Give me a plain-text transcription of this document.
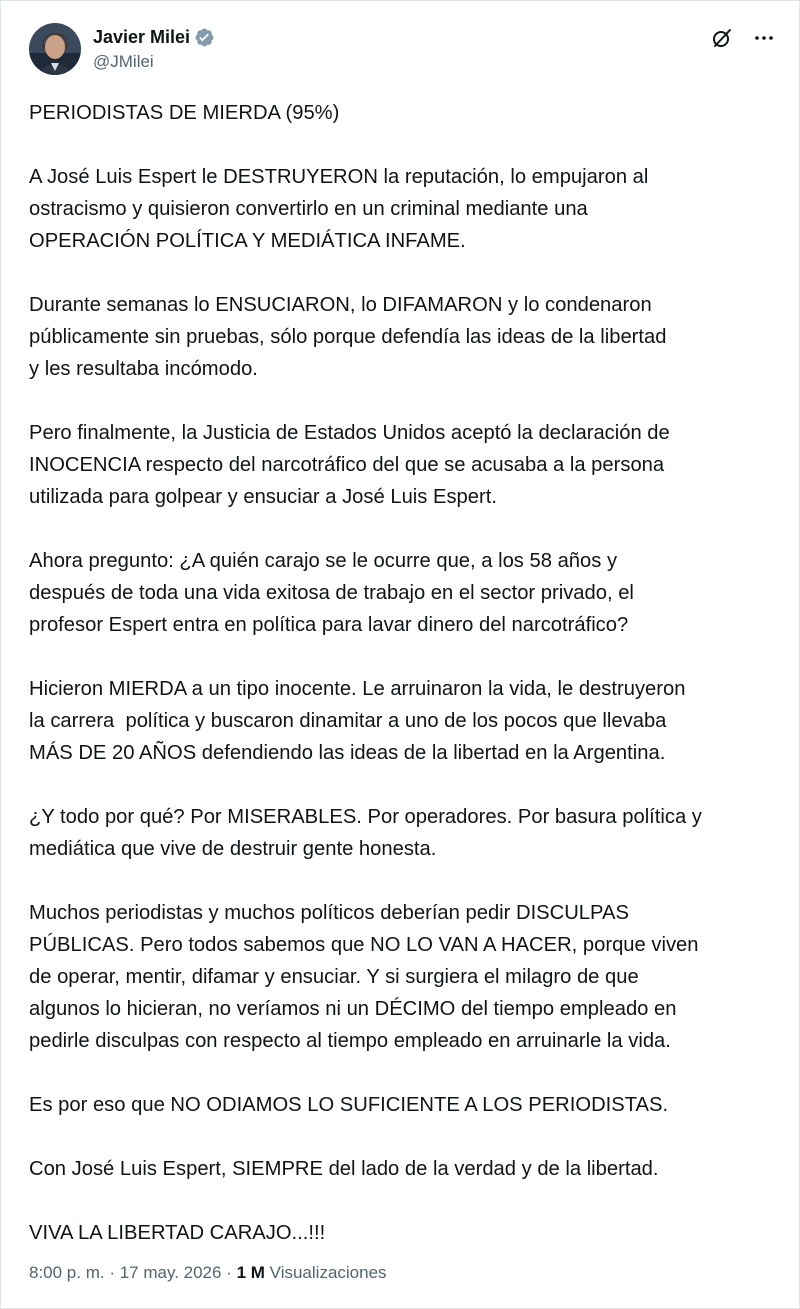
Javier Milei
@JMilei

PERIODISTAS DE MIERDA (95%)

A José Luis Espert le DESTRUYERON la reputación, lo empujaron al
ostracismo y quisieron convertirlo en un criminal mediante una
OPERACIÓN POLÍTICA Y MEDIÁTICA INFAME.

Durante semanas lo ENSUCIARON, lo DIFAMARON y lo condenaron
públicamente sin pruebas, sólo porque defendía las ideas de la libertad
y les resultaba incómodo.

Pero finalmente, la Justicia de Estados Unidos aceptó la declaración de
INOCENCIA respecto del narcotráfico del que se acusaba a la persona
utilizada para golpear y ensuciar a José Luis Espert.

Ahora pregunto: ¿A quién carajo se le ocurre que, a los 58 años y
después de toda una vida exitosa de trabajo en el sector privado, el
profesor Espert entra en política para lavar dinero del narcotráfico?

Hicieron MIERDA a un tipo inocente. Le arruinaron la vida, le destruyeron
la carrera  política y buscaron dinamitar a uno de los pocos que llevaba
MÁS DE 20 AÑOS defendiendo las ideas de la libertad en la Argentina.

¿Y todo por qué? Por MISERABLES. Por operadores. Por basura política y
mediática que vive de destruir gente honesta.

Muchos periodistas y muchos políticos deberían pedir DISCULPAS
PÚBLICAS. Pero todos sabemos que NO LO VAN A HACER, porque viven
de operar, mentir, difamar y ensuciar. Y si surgiera el milagro de que
algunos lo hicieran, no veríamos ni un DÉCIMO del tiempo empleado en
pedirle disculpas con respecto al tiempo empleado en arruinarle la vida.

Es por eso que NO ODIAMOS LO SUFICIENTE A LOS PERIODISTAS.

Con José Luis Espert, SIEMPRE del lado de la verdad y de la libertad.

VIVA LA LIBERTAD CARAJO...!!!

8:00 p. m. · 17 may. 2026 · 1 M Visualizaciones
